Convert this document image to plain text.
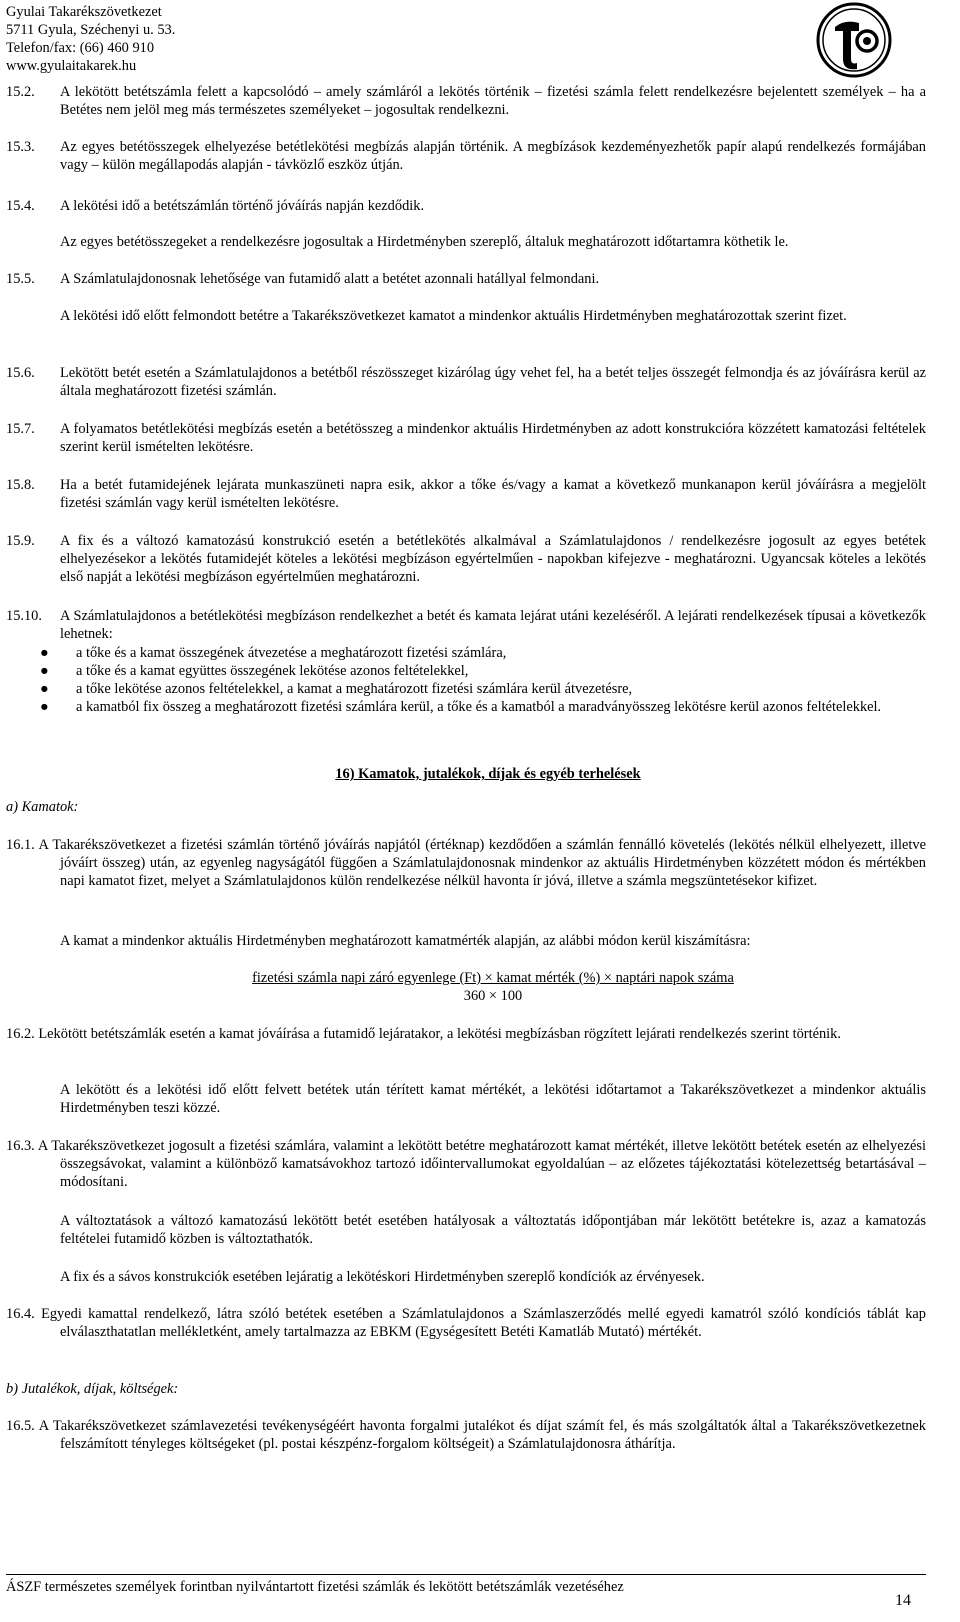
Gyulai Takarékszövetkezet
5711 Gyula, Széchenyi u. 53.
Telefon/fax: (66) 460 910
www.gyulaitakarek.hu
15.2. A lekötött betétszámla felett a kapcsolódó – amely számláról a lekötés történik – fizetési számla felett rendelkezésre bejelentett személyek – ha a Betétes nem jelöl meg más természetes személyeket – jogosultak rendelkezni.
15.3. Az egyes betétösszegek elhelyezése betétlekötési megbízás alapján történik. A megbízások kezdeményezhetők papír alapú rendelkezés formájában vagy – külön megállapodás alapján - távközlő eszköz útján.
15.4. A lekötési idő a betétszámlán történő jóváírás napján kezdődik.
Az egyes betétösszegeket a rendelkezésre jogosultak a Hirdetményben szereplő, általuk meghatározott időtartamra köthetik le.
15.5. A Számlatulajdonosnak lehetősége van futamidő alatt a betétet azonnali hatállyal felmondani.
A lekötési idő előtt felmondott betétre a Takarékszövetkezet kamatot a mindenkor aktuális Hirdetményben meghatározottak szerint fizet.
15.6. Lekötött betét esetén a Számlatulajdonos a betétből részösszeget kizárólag úgy vehet fel, ha a betét teljes összegét felmondja és az jóváírásra kerül az általa meghatározott fizetési számlán.
15.7. A folyamatos betétlekötési megbízás esetén a betétösszeg a mindenkor aktuális Hirdetményben az adott konstrukcióra közzétett kamatozási feltételek szerint kerül ismételten lekötésre.
15.8. Ha a betét futamidejének lejárata munkaszüneti napra esik, akkor a tőke és/vagy a kamat a következő munkanapon kerül jóváírásra a megjelölt fizetési számlán vagy kerül ismételten lekötésre.
15.9. A fix és a változó kamatozású konstrukció esetén a betétlekötés alkalmával a Számlatulajdonos / rendelkezésre jogosult az egyes betétek elhelyezésekor a lekötés futamidejét köteles a lekötési megbízáson egyértelműen - napokban kifejezve - meghatározni. Ugyancsak köteles a lekötés első napját a lekötési megbízáson egyértelműen meghatározni.
15.10. A Számlatulajdonos a betétlekötési megbízáson rendelkezhet a betét és kamata lejárat utáni kezeléséről. A lejárati rendelkezések típusai a következők lehetnek:
● a tőke és a kamat összegének átvezetése a meghatározott fizetési számlára,
● a tőke és a kamat együttes összegének lekötése azonos feltételekkel,
● a tőke lekötése azonos feltételekkel, a kamat a meghatározott fizetési számlára kerül átvezetésre,
● a kamatból fix összeg a meghatározott fizetési számlára kerül, a tőke és a kamatból a maradványösszeg lekötésre kerül azonos feltételekkel.
16) Kamatok, jutalékok, díjak és egyéb terhelések
a) Kamatok:
16.1. A Takarékszövetkezet a fizetési számlán történő jóváírás napjától (értéknap) kezdődően a számlán fennálló követelés (lekötés nélkül elhelyezett, illetve jóváírt összeg) után, az egyenleg nagyságától függően a Számlatulajdonosnak mindenkor az aktuális Hirdetményben közzétett módon és mértékben napi kamatot fizet, melyet a Számlatulajdonos külön rendelkezése nélkül havonta ír jóvá, illetve a számla megszüntetésekor kifizet.
A kamat a mindenkor aktuális Hirdetményben meghatározott kamatmérték alapján, az alábbi módon kerül kiszámításra:
fizetési számla napi záró egyenlege (Ft) × kamat mérték (%) × naptári napok száma
360 × 100
16.2. Lekötött betétszámlák esetén a kamat jóváírása a futamidő lejáratakor, a lekötési megbízásban rögzített lejárati rendelkezés szerint történik.
A lekötött és a lekötési idő előtt felvett betétek után térített kamat mértékét, a lekötési időtartamot a Takarékszövetkezet a mindenkor aktuális Hirdetményben teszi közzé.
16.3. A Takarékszövetkezet jogosult a fizetési számlára, valamint a lekötött betétre meghatározott kamat mértékét, illetve lekötött betétek esetén az elhelyezési összegsávokat, valamint a különböző kamatsávokhoz tartozó időintervallumokat egyoldalúan – az előzetes tájékoztatási kötelezettség betartásával – módosítani.
A változtatások a változó kamatozású lekötött betét esetében hatályosak a változtatás időpontjában már lekötött betétekre is, azaz a kamatozás feltételei futamidő közben is változtathatók.
A fix és a sávos konstrukciók esetében lejáratig a lekötéskori Hirdetményben szereplő kondíciók az érvényesek.
16.4. Egyedi kamattal rendelkező, látra szóló betétek esetében a Számlatulajdonos a Számlaszerződés mellé egyedi kamatról szóló kondíciós táblát kap elválaszthatatlan mellékletként, amely tartalmazza az EBKM (Egységesített Betéti Kamatláb Mutató) mértékét.
b) Jutalékok, díjak, költségek:
16.5. A Takarékszövetkezet számlavezetési tevékenységéért havonta forgalmi jutalékot és díjat számít fel, és más szolgáltatók által a Takarékszövetkezetnek felszámított tényleges költségeket (pl. postai készpénz-forgalom költségeit) a Számlatulajdonosra áthárítja.
ÁSZF természetes személyek forintban nyilvántartott fizetési számlák és lekötött betétszámlák vezetéséhez
14
